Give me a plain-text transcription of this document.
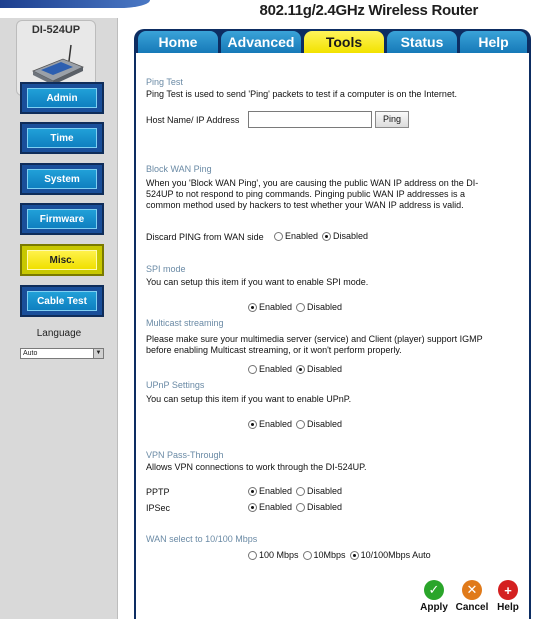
802.11g/2.4GHz Wireless Router
DI-524UP
Admin
Time
System
Firmware
Misc.
Cable Test
Language
Auto	▼
Home	Advanced	Tools	Status	Help
Ping Test
Ping Test is used to send 'Ping' packets to test if a computer is on the Internet.
Host Name/ IP Address	Ping
Block WAN Ping
When you 'Block WAN Ping', you are causing the public WAN IP address on the DI-
524UP to not respond to ping commands. Pinging public WAN IP addresses is a
common method used by hackers to test whether your WAN IP address is valid.
Discard PING from WAN side Enabled Disabled
SPI mode
You can setup this item if you want to enable SPI mode.
Enabled Disabled
Multicast streaming
Please make sure your multimedia server (service) and Client (player) support IGMP
before enabling Multicast streaming, or it won't perform properly.
Enabled Disabled
UPnP Settings
You can setup this item if you want to enable UPnP.
Enabled Disabled
VPN Pass-Through
Allows VPN connections to work through the DI-524UP.
PPTP	Enabled Disabled
IPSec	Enabled Disabled
WAN select to 10/100 Mbps
100 Mbps 10Mbps 10/100Mbps Auto
✓
Apply
✕
Cancel
+
Help
